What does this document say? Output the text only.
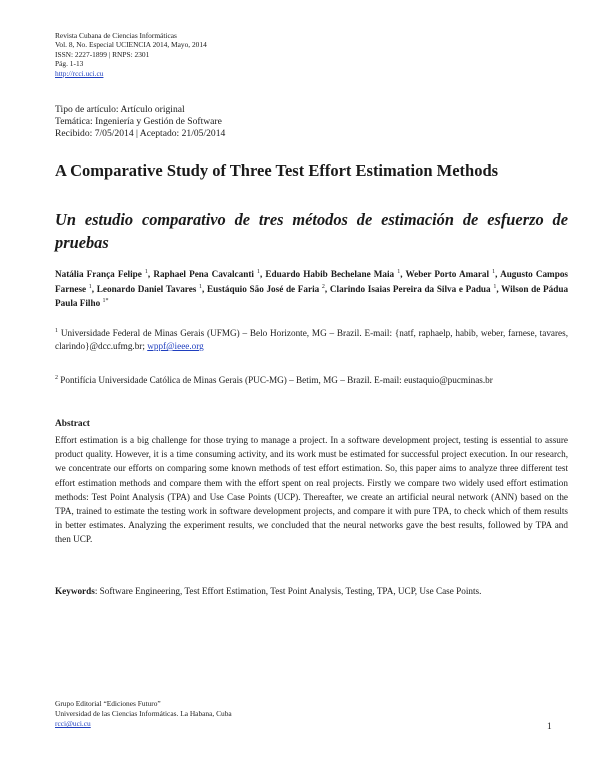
Revista Cubana de Ciencias Informáticas
Vol. 8, No. Especial UCIENCIA 2014, Mayo, 2014
ISSN: 2227-1899 | RNPS: 2301
Pág. 1-13
http://rcci.uci.cu
Tipo de artículo: Artículo original
Temática: Ingeniería y Gestión de Software
Recibido: 7/05/2014 | Aceptado: 21/05/2014
A Comparative Study of Three Test Effort Estimation Methods
Un estudio comparativo de tres métodos de estimación de esfuerzo de pruebas
Natália França Felipe $^1$, Raphael Pena Cavalcanti $^1$, Eduardo Habib Bechelane Maia $^1$, Weber Porto Amaral $^1$, Augusto Campos Farnese $^1$, Leonardo Daniel Tavares $^1$, Eustáquio São José de Faria $^2$, Clarindo Isaias Pereira da Silva e Padua $^1$, Wilson de Pádua Paula Filho $^{1*}$
$^1$ Universidade Federal de Minas Gerais (UFMG) – Belo Horizonte, MG – Brazil. E-mail: {natf, raphaelp, habib, weber, farnese, tavares, clarindo}@dcc.ufmg.br; wppf@ieee.org
$^2$ Pontifícia Universidade Católica de Minas Gerais (PUC-MG) – Betim, MG – Brazil. E-mail: eustaquio@pucminas.br
Abstract
Effort estimation is a big challenge for those trying to manage a project. In a software development project, testing is essential to assure product quality. However, it is a time consuming activity, and its work must be estimated for successful project execution. In our research, we concentrate our efforts on comparing some known methods of test effort estimation. So, this paper aims to analyze three different test effort estimation methods and compare them with the effort spent on real projects. Firstly we compare two widely used effort estimation methods: Test Point Analysis (TPA) and Use Case Points (UCP). Thereafter, we create an artificial neural network (ANN) based on the TPA, trained to estimate the testing work in software development projects, and compare it with pure TPA, to check which of them results in better estimates. Analyzing the experiment results, we concluded that the neural networks gave the best results, followed by TPA and then UCP.
Keywords: Software Engineering, Test Effort Estimation, Test Point Analysis, Testing, TPA, UCP, Use Case Points.
Grupo Editorial “Ediciones Futuro”
Universidad de las Ciencias Informáticas. La Habana, Cuba
rcci@uci.cu	1
